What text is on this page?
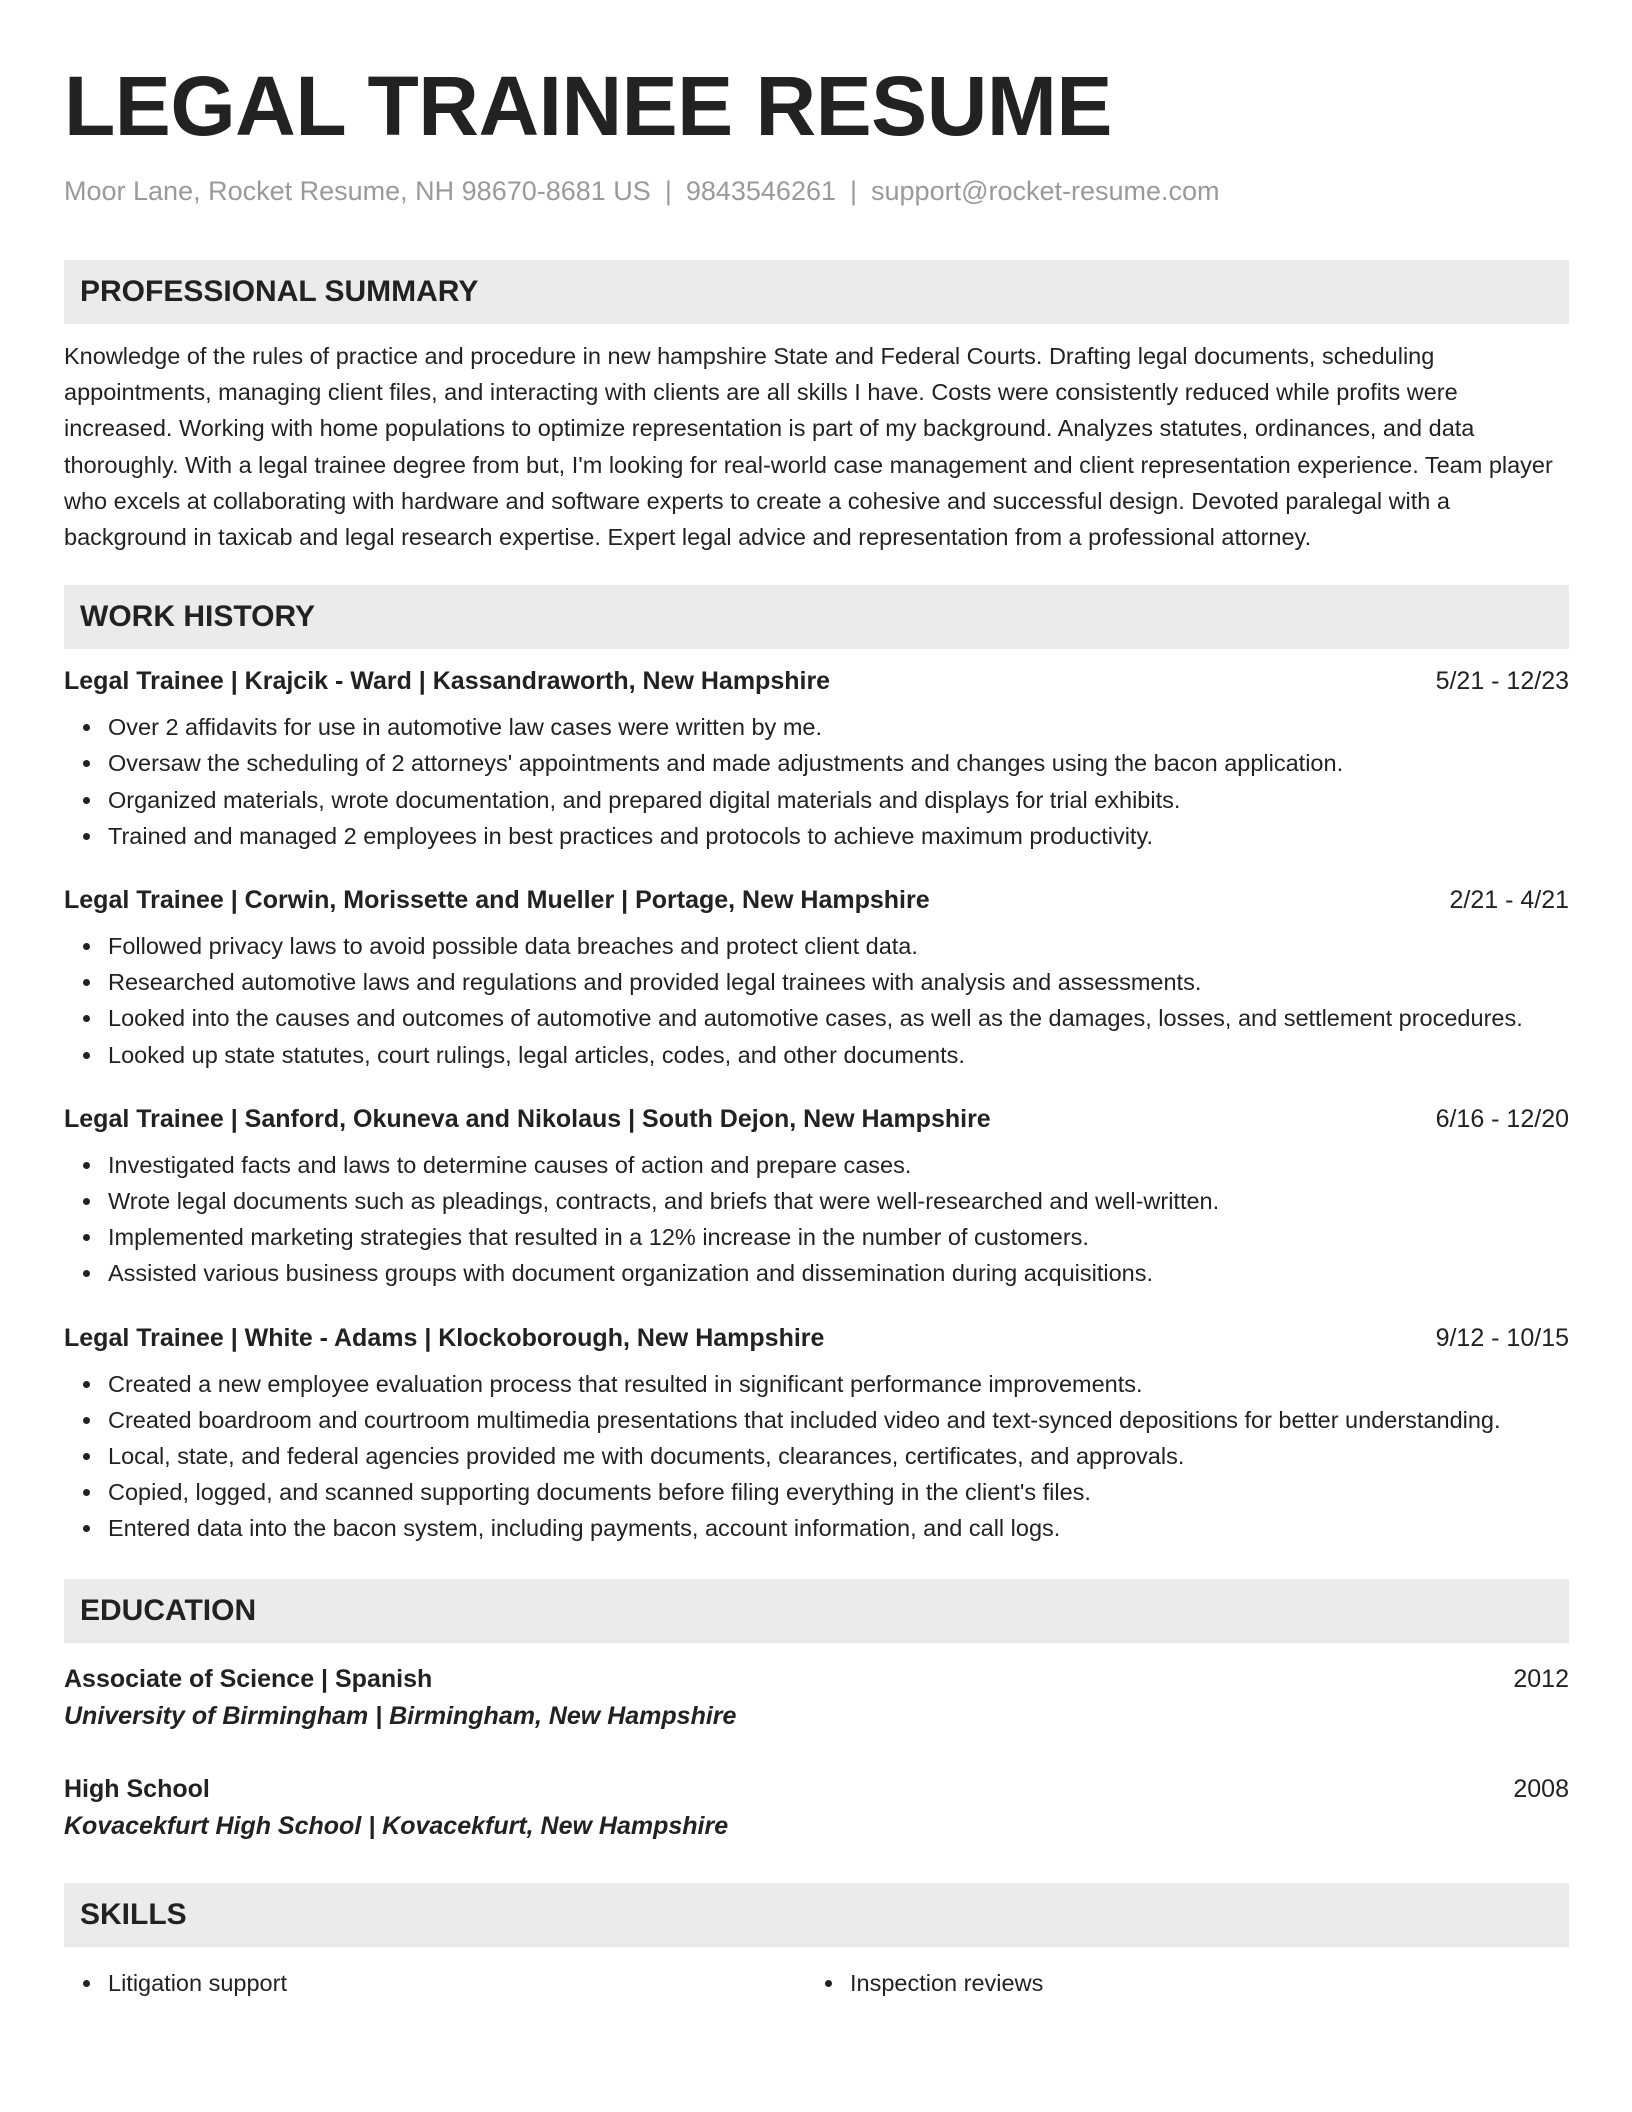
LEGAL TRAINEE RESUME
Moor Lane, Rocket Resume, NH 98670-8681 US | 9843546261 | support@rocket-resume.com
PROFESSIONAL SUMMARY

Knowledge of the rules of practice and procedure in new hampshire State and Federal Courts. Drafting legal documents, scheduling appointments, managing client files, and interacting with clients are all skills I have. Costs were consistently reduced while profits were increased. Working with home populations to optimize representation is part of my background. Analyzes statutes, ordinances, and data thoroughly. With a legal trainee degree from but, I'm looking for real-world case management and client representation experience. Team player who excels at collaborating with hardware and software experts to create a cohesive and successful design. Devoted paralegal with a background in taxicab and legal research expertise. Expert legal advice and representation from a professional attorney.

WORK HISTORY
Legal Trainee | Krajcik - Ward | Kassandraworth, New Hampshire	5/21 - 12/23
Over 2 affidavits for use in automotive law cases were written by me.
Oversaw the scheduling of 2 attorneys' appointments and made adjustments and changes using the bacon application.
Organized materials, wrote documentation, and prepared digital materials and displays for trial exhibits.
Trained and managed 2 employees in best practices and protocols to achieve maximum productivity.
Legal Trainee | Corwin, Morissette and Mueller | Portage, New Hampshire	2/21 - 4/21
Followed privacy laws to avoid possible data breaches and protect client data.
Researched automotive laws and regulations and provided legal trainees with analysis and assessments.
Looked into the causes and outcomes of automotive and automotive cases, as well as the damages, losses, and settlement procedures.
Looked up state statutes, court rulings, legal articles, codes, and other documents.
Legal Trainee | Sanford, Okuneva and Nikolaus | South Dejon, New Hampshire	6/16 - 12/20
Investigated facts and laws to determine causes of action and prepare cases.
Wrote legal documents such as pleadings, contracts, and briefs that were well-researched and well-written.
Implemented marketing strategies that resulted in a 12% increase in the number of customers.
Assisted various business groups with document organization and dissemination during acquisitions.
Legal Trainee | White - Adams | Klockoborough, New Hampshire	9/12 - 10/15
Created a new employee evaluation process that resulted in significant performance improvements.
Created boardroom and courtroom multimedia presentations that included video and text-synced depositions for better understanding.
Local, state, and federal agencies provided me with documents, clearances, certificates, and approvals.
Copied, logged, and scanned supporting documents before filing everything in the client's files.
Entered data into the bacon system, including payments, account information, and call logs.
EDUCATION
Associate of Science | Spanish	2012
University of Birmingham | Birmingham, New Hampshire
High School	2008
Kovacekfurt High School | Kovacekfurt, New Hampshire
SKILLS
Litigation support	Inspection reviews
